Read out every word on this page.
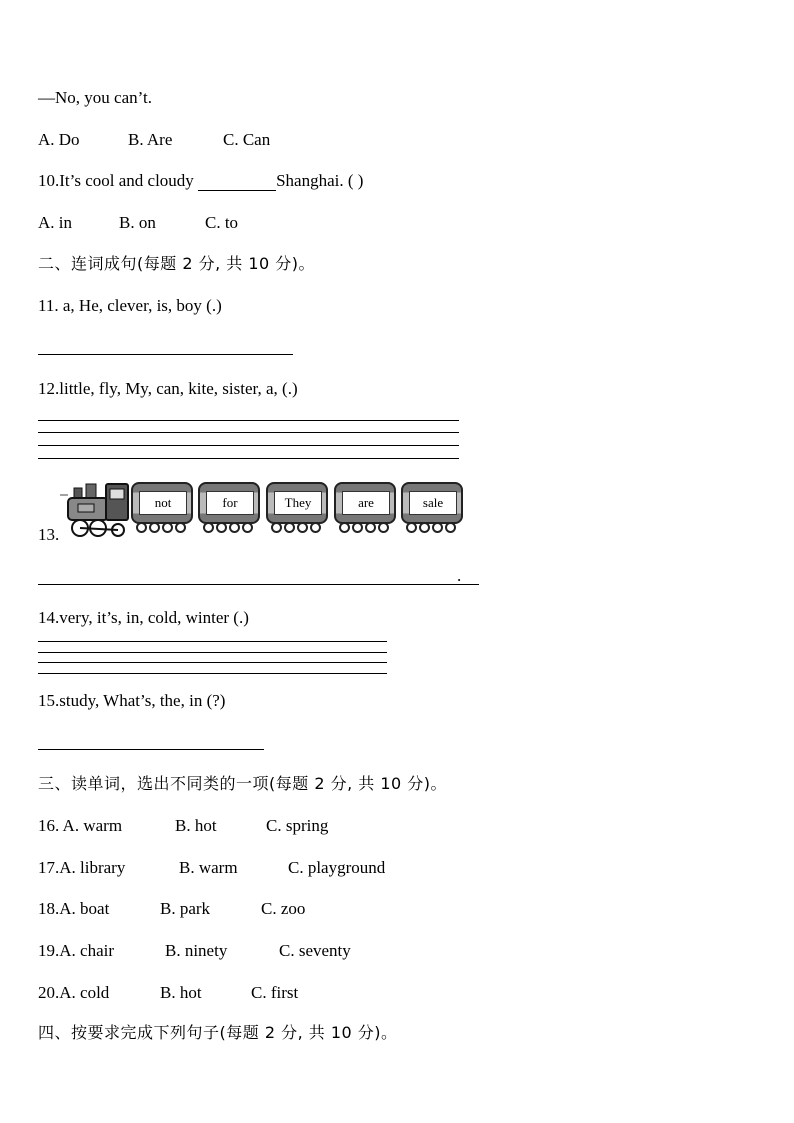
—No, you can’t.
A. Do	B. Are	C. Can
10.It’s cool and cloudy	Shanghai. ( )
A. in	B. on	C. to
二、连词成句(每题 2 分, 共 10 分)。
11. a, He, clever, is, boy (.)
12.little, fly, My, can, kite, sister, a, (.)
13.
not	for	They	are	sale
.
14.very, it’s, in, cold, winter (.)
15.study, What’s, the, in (?)
三、读单词，选出不同类的一项(每题 2 分, 共 10 分)。
16. A. warm	B. hot	C. spring
17.A. library	B. warm	C. playground
18.A. boat	B. park	C. zoo
19.A. chair	B. ninety	C. seventy
20.A. cold	B. hot	C. first
四、按要求完成下列句子(每题 2 分, 共 10 分)。
